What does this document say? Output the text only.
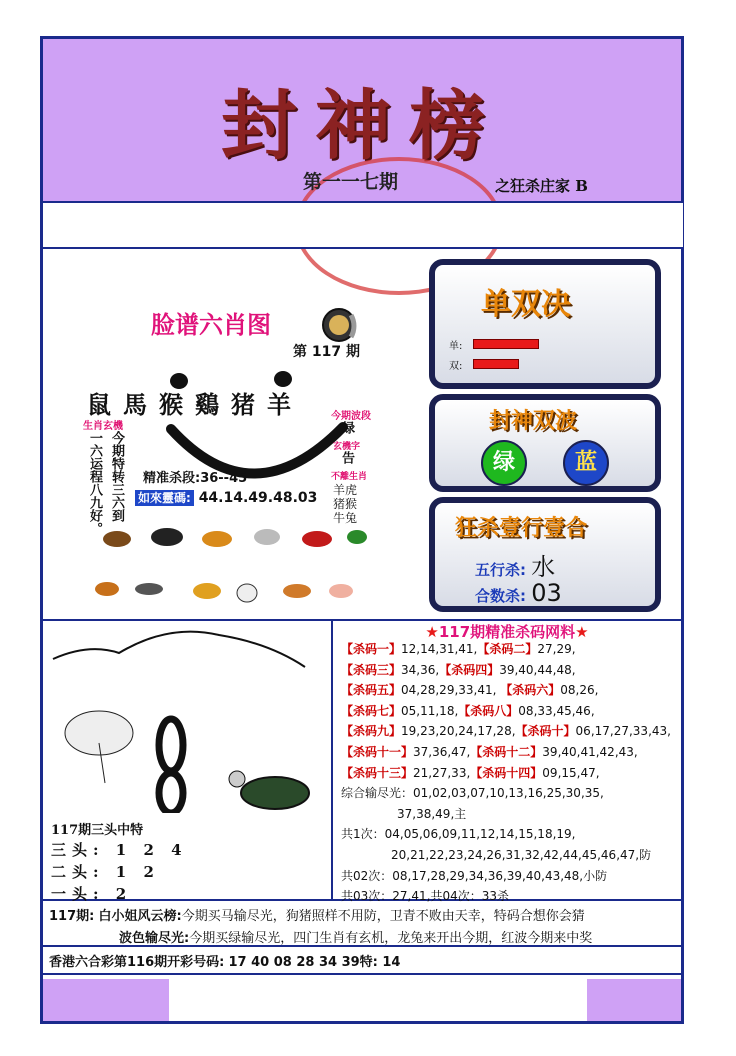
封神榜
第一一七期	之狂杀庄家 B
脸谱六肖图
第 117 期
鼠馬猴鷄猪羊
生肖玄機
一六运程八九好。 今期特转三六到
今期波段
绿
玄機字
告
不離生肖
羊虎
猪猴
牛兔
精准杀段:36--45
如來靈碼: 44.14.49.48.03
单双决
单:
双:
封神双波
绿	蓝
狂杀壹行壹合
五行杀: 水
合数杀: 03
117期三头中特
三头: 1 2 4
二头: 1 2
一头: 2
★117期精准杀码网料★
【杀码一】12,14,31,41,【杀码二】27,29,
【杀码三】34,36,【杀码四】39,40,44,48,
【杀码五】04,28,29,33,41, 【杀码六】08,26,
【杀码七】05,11,18,【杀码八】08,33,45,46,
【杀码九】19,23,20,24,17,28,【杀码十】06,17,27,33,43,
【杀码十一】37,36,47,【杀码十二】39,40,41,42,43,
【杀码十三】21,27,33,【杀码十四】09,15,47,
综合输尽光：01,02,03,07,10,13,16,25,30,35,
37,38,49,主
共1次：04,05,06,09,11,12,14,15,18,19,
20,21,22,23,24,26,31,32,42,44,45,46,47,防
共02次：08,17,28,29,34,36,39,40,43,48,小防
共03次：27,41,共04次：33杀
117期: 白小姐风云榜:今期买马输尽光，狗猪照样不用防，卫青不败由天幸，特码合想你会猜
波色输尽光:今期买绿输尽光，四门生肖有玄机，龙兔来开出今期，红波今期来中奖
香港六合彩第116期开彩号码: 17 40 08 28 34 39特: 14
